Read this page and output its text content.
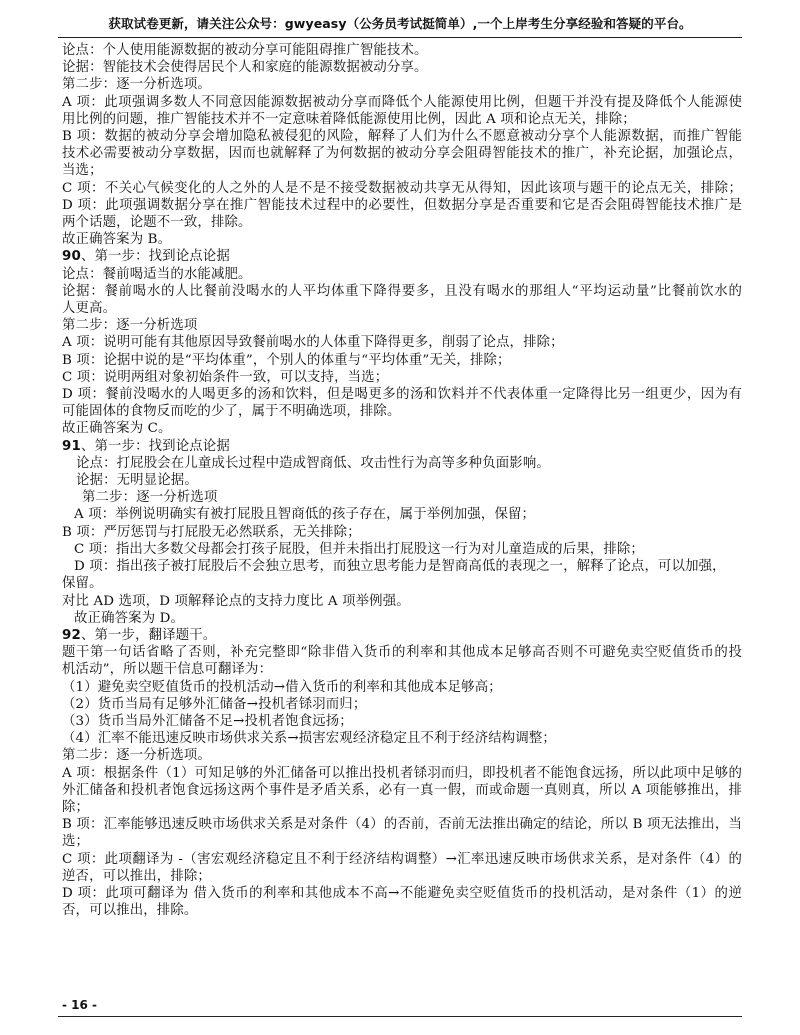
获取试卷更新，请关注公众号：gwyeasy（公务员考试挺简单）,一个上岸考生分享经验和答疑的平台。
论点：个人使用能源数据的被动分享可能阻碍推广智能技术。
论据：智能技术会使得居民个人和家庭的能源数据被动分享。
第二步：逐一分析选项。
A 项：此项强调多数人不同意因能源数据被动分享而降低个人能源使用比例，但题干并没有提及降低个人能源使
用比例的问题，推广智能技术并不一定意味着降低能源使用比例，因此 A 项和论点无关，排除；
B 项：数据的被动分享会增加隐私被侵犯的风险，解释了人们为什么不愿意被动分享个人能源数据，而推广智能
技术必需要被动分享数据，因而也就解释了为何数据的被动分享会阻碍智能技术的推广，补充论据，加强论点，
当选；
C 项：不关心气候变化的人之外的人是不是不接受数据被动共享无从得知，因此该项与题干的论点无关，排除；
D 项：此项强调数据分享在推广智能技术过程中的必要性，但数据分享是否重要和它是否会阻碍智能技术推广是
两个话题，论题不一致，排除。
故正确答案为 B。
90、第一步：找到论点论据
论点：餐前喝适当的水能减肥。
论据：餐前喝水的人比餐前没喝水的人平均体重下降得要多，且没有喝水的那组人“平均运动量”比餐前饮水的
人更高。
第二步：逐一分析选项
A 项：说明可能有其他原因导致餐前喝水的人体重下降得更多，削弱了论点，排除；
B 项：论据中说的是“平均体重”，个别人的体重与“平均体重”无关，排除；
C 项：说明两组对象初始条件一致，可以支持，当选；
D 项：餐前没喝水的人喝更多的汤和饮料，但是喝更多的汤和饮料并不代表体重一定降得比另一组更少，因为有
可能固体的食物反而吃的少了，属于不明确选项，排除。
故正确答案为 C。
91、第一步：找到论点论据
论点：打屁股会在儿童成长过程中造成智商低、攻击性行为高等多种负面影响。
论据：无明显论据。
第二步：逐一分析选项
A 项：举例说明确实有被打屁股且智商低的孩子存在，属于举例加强，保留；
B 项：严厉惩罚与打屁股无必然联系，无关排除；
C 项：指出大多数父母都会打孩子屁股，但并未指出打屁股这一行为对儿童造成的后果，排除；
D 项：指出孩子被打屁股后不会独立思考，而独立思考能力是智商高低的表现之一，解释了论点，可以加强，
保留。
对比 AD 选项，D 项解释论点的支持力度比 A 项举例强。
故正确答案为 D。
92、第一步，翻译题干。
题干第一句话省略了否则，补充完整即“除非借入货币的利率和其他成本足够高否则不可避免卖空贬值货币的投
机活动”，所以题干信息可翻译为：
（1）避免卖空贬值货币的投机活动→借入货币的利率和其他成本足够高；
（2）货币当局有足够外汇储备→投机者铩羽而归；
（3）货币当局外汇储备不足→投机者饱食远扬；
（4）汇率不能迅速反映市场供求关系→损害宏观经济稳定且不利于经济结构调整；
第二步：逐一分析选项。
A 项：根据条件（1）可知足够的外汇储备可以推出投机者铩羽而归，即投机者不能饱食远扬，所以此项中足够的
外汇储备和投机者饱食远扬这两个事件是矛盾关系，必有一真一假，而或命题一真则真，所以 A 项能够推出，排
除；
B 项：汇率能够迅速反映市场供求关系是对条件（4）的否前，否前无法推出确定的结论，所以 B 项无法推出，当
选；
C 项：此项翻译为 -（害宏观经济稳定且不利于经济结构调整）→汇率迅速反映市场供求关系，是对条件（4）的
逆否，可以推出，排除；
D 项：此项可翻译为 借入货币的利率和其他成本不高→不能避免卖空贬值货币的投机活动，是对条件（1）的逆
否，可以推出，排除。
- 16 -
